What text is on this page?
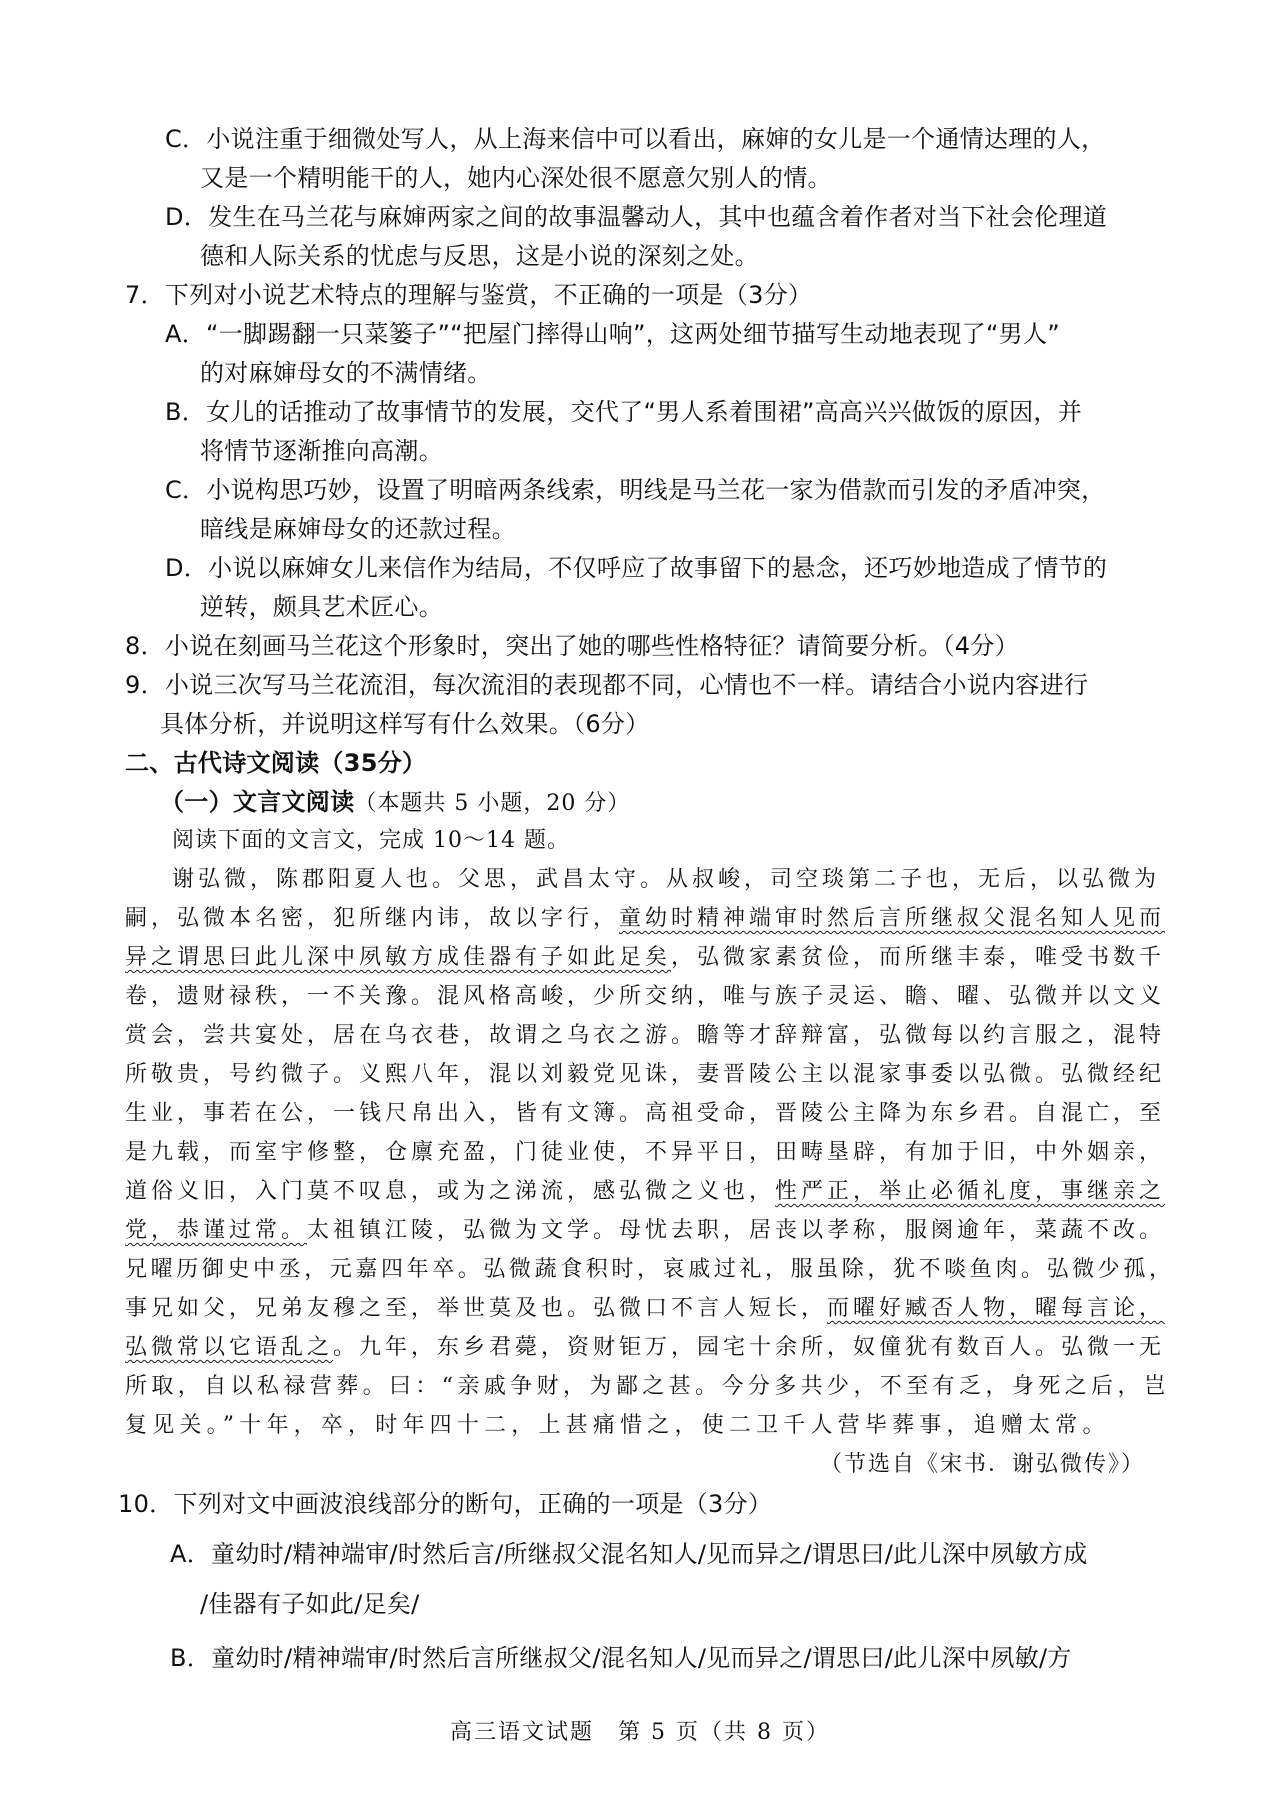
C．小说注重于细微处写人，从上海来信中可以看出，麻婶的女儿是一个通情达理的人，
又是一个精明能干的人，她内心深处很不愿意欠别人的情。
D．发生在马兰花与麻婶两家之间的故事温馨动人，其中也蕴含着作者对当下社会伦理道
德和人际关系的忧虑与反思，这是小说的深刻之处。
7．下列对小说艺术特点的理解与鉴赏，不正确的一项是（3分）
A．“一脚踢翻一只菜篓子”“把屋门摔得山响”，这两处细节描写生动地表现了“男人”
的对麻婶母女的不满情绪。
B．女儿的话推动了故事情节的发展，交代了“男人系着围裙”高高兴兴做饭的原因，并
将情节逐渐推向高潮。
C．小说构思巧妙，设置了明暗两条线索，明线是马兰花一家为借款而引发的矛盾冲突，
暗线是麻婶母女的还款过程。
D．小说以麻婶女儿来信作为结局，不仅呼应了故事留下的悬念，还巧妙地造成了情节的
逆转，颇具艺术匠心。
8．小说在刻画马兰花这个形象时，突出了她的哪些性格特征？请简要分析。（4分）
9．小说三次写马兰花流泪，每次流泪的表现都不同，心情也不一样。请结合小说内容进行
具体分析，并说明这样写有什么效果。（6分）
二、古代诗文阅读（35分）
（一）文言文阅读（本题共 5 小题，20 分）
阅读下面的文言文，完成 10～14 题。
谢弘微，陈郡阳夏人也。父思，武昌太守。从叔峻，司空琰第二子也，无后，以弘微为
嗣，弘微本名密，犯所继内讳，故以字行，童幼时精神端审时然后言所继叔父混名知人见而
异之谓思曰此儿深中夙敏方成佳器有子如此足矣，弘微家素贫俭，而所继丰泰，唯受书数千
卷，遗财禄秩，一不关豫。混风格高峻，少所交纳，唯与族子灵运、瞻、曜、弘微并以文义
赏会，尝共宴处，居在乌衣巷，故谓之乌衣之游。瞻等才辞辩富，弘微每以约言服之，混特
所敬贵，号约微子。义熙八年，混以刘毅党见诛，妻晋陵公主以混家事委以弘微。弘微经纪
生业，事若在公，一钱尺帛出入，皆有文簿。高祖受命，晋陵公主降为东乡君。自混亡，至
是九载，而室宇修整，仓廪充盈，门徒业使，不异平日，田畴垦辟，有加于旧，中外姻亲，
道俗义旧，入门莫不叹息，或为之涕流，感弘微之义也，性严正，举止必循礼度，事继亲之
党，恭谨过常。太祖镇江陵，弘微为文学。母忧去职，居丧以孝称，服阕逾年，菜蔬不改。
兄曜历御史中丞，元嘉四年卒。弘微蔬食积时，哀戚过礼，服虽除，犹不啖鱼肉。弘微少孤，
事兄如父，兄弟友穆之至，举世莫及也。弘微口不言人短长，而曜好臧否人物，曜每言论，
弘微常以它语乱之。九年，东乡君薨，资财钜万，园宅十余所，奴僮犹有数百人。弘微一无
所取，自以私禄营葬。曰：“亲戚争财，为鄙之甚。今分多共少，不至有乏，身死之后，岂
复见关。”十年，卒，时年四十二，上甚痛惜之，使二卫千人营毕葬事，追赠太常。
（节选自《宋书．谢弘微传》）
10．下列对文中画波浪线部分的断句，正确的一项是（3分）
A．童幼时/精神端审/时然后言/所继叔父混名知人/见而异之/谓思曰/此儿深中夙敏方成
/佳器有子如此/足矣/
B．童幼时/精神端审/时然后言所继叔父/混名知人/见而异之/谓思曰/此儿深中夙敏/方
高三语文试题　第 5 页（共 8 页）
